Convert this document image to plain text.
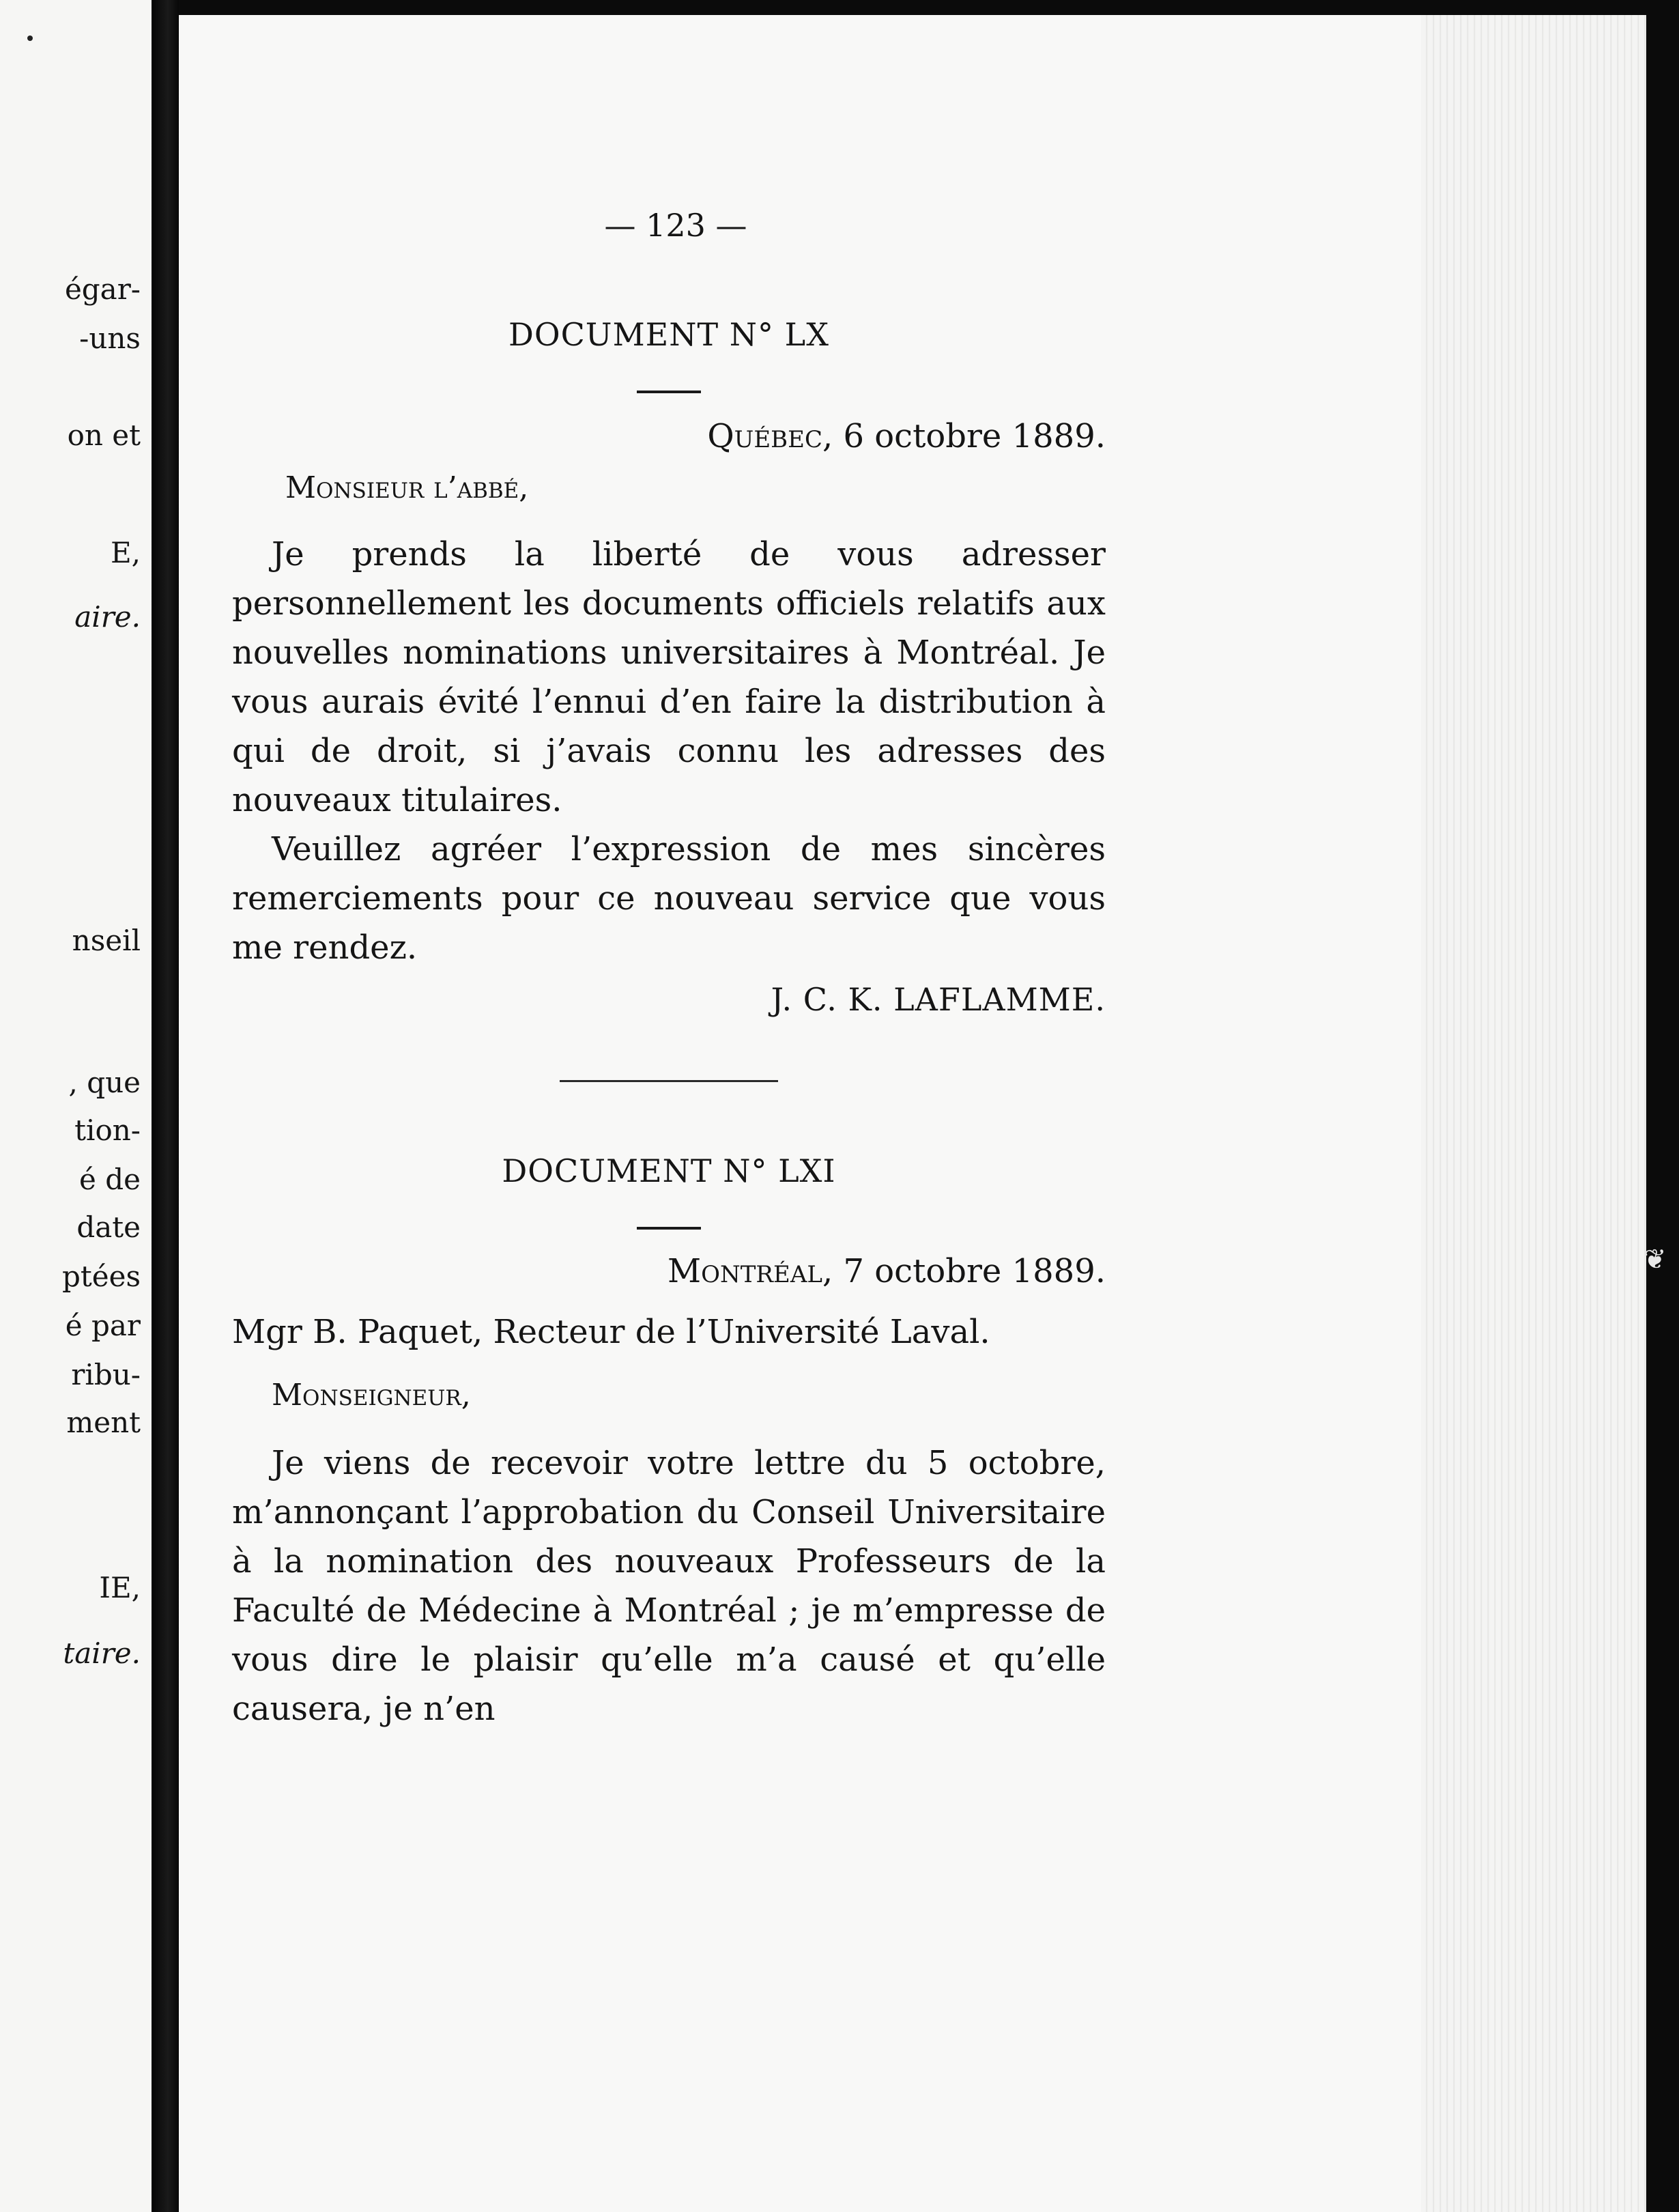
égar-

-uns

on et

E,

aire.

nseil

, que

tion-

é de

date

ptées

é par

ribu-

ment

IE,

taire.

❦

— 123 —

DOCUMENT N° LX

Québec, 6 octobre 1889.

Monsieur l’abbé,

Je prends la liberté de vous adresser personnellement les documents officiels relatifs aux nouvelles nominations universitaires à Montréal. Je vous aurais évité l’ennui d’en faire la distribution à qui de droit, si j’avais connu les adresses des nouveaux titulaires.

Veuillez agréer l’expression de mes sincères remerciements pour ce nouveau service que vous me rendez.

J. C. K. LAFLAMME.

DOCUMENT N° LXI

Montréal, 7 octobre 1889.

Mgr B. Paquet, Recteur de l’Université Laval.

Monseigneur,

Je viens de recevoir votre lettre du 5 octobre, m’annonçant l’approbation du Conseil Universitaire à la nomination des nouveaux Professeurs de la Faculté de Médecine à Montréal ; je m’empresse de vous dire le plaisir qu’elle m’a causé et qu’elle causera, je n’en
